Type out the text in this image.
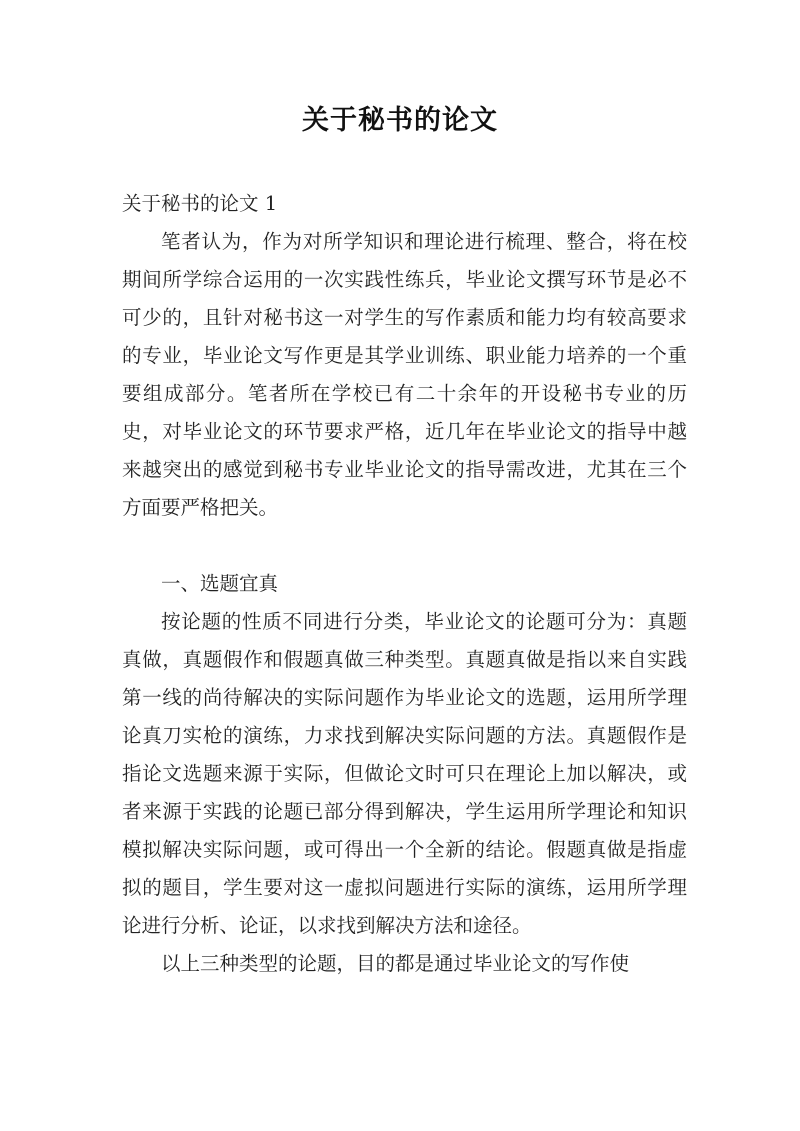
关于秘书的论文

关于秘书的论文 1

笔者认为，作为对所学知识和理论进行梳理、整合，将在校期间所学综合运用的一次实践性练兵，毕业论文撰写环节是必不可少的，且针对秘书这一对学生的写作素质和能力均有较高要求的专业，毕业论文写作更是其学业训练、职业能力培养的一个重要组成部分。笔者所在学校已有二十余年的开设秘书专业的历史，对毕业论文的环节要求严格，近几年在毕业论文的指导中越来越突出的感觉到秘书专业毕业论文的指导需改进，尤其在三个方面要严格把关。

一、选题宜真

按论题的性质不同进行分类，毕业论文的论题可分为：真题真做，真题假作和假题真做三种类型。真题真做是指以来自实践第一线的尚待解决的实际问题作为毕业论文的选题，运用所学理论真刀实枪的演练，力求找到解决实际问题的方法。真题假作是指论文选题来源于实际，但做论文时可只在理论上加以解决，或者来源于实践的论题已部分得到解决，学生运用所学理论和知识模拟解决实际问题，或可得出一个全新的结论。假题真做是指虚拟的题目，学生要对这一虚拟问题进行实际的演练，运用所学理论进行分析、论证，以求找到解决方法和途径。

以上三种类型的论题，目的都是通过毕业论文的写作使
